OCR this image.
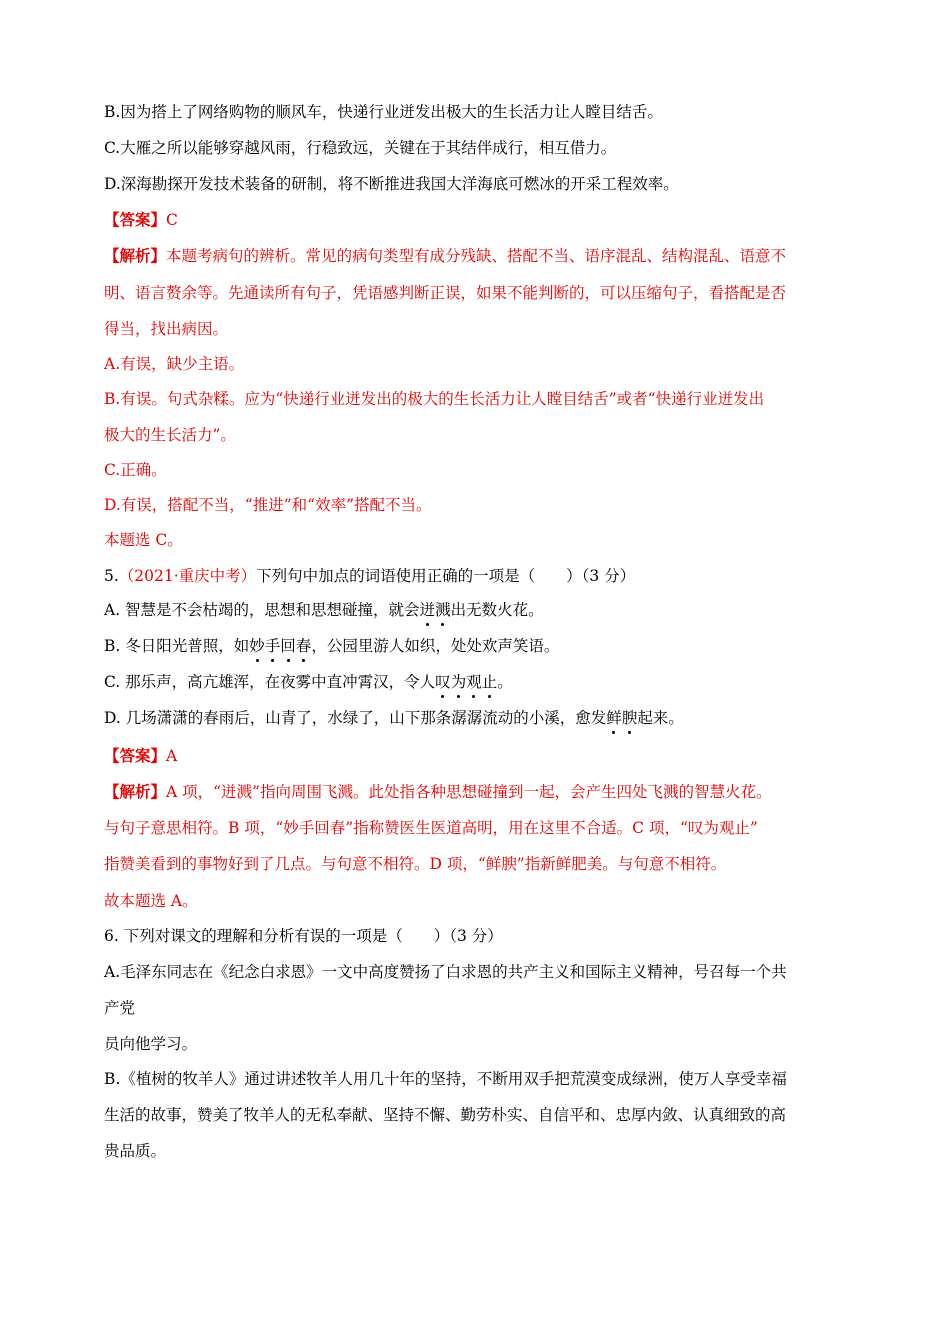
B.因为搭上了网络购物的顺风车，快递行业迸发出极大的生长活力让人瞠目结舌。
C.大雁之所以能够穿越风雨，行稳致远，关键在于其结伴成行，相互借力。
D.深海勘探开发技术装备的研制，将不断推进我国大洋海底可燃冰的开采工程效率。
【答案】C
【解析】本题考病句的辨析。常见的病句类型有成分残缺、搭配不当、语序混乱、结构混乱、语意不
明、语言赘余等。先通读所有句子，凭语感判断正误，如果不能判断的，可以压缩句子，看搭配是否
得当，找出病因。
A.有误，缺少主语。
B.有误。句式杂糅。应为“快递行业迸发出的极大的生长活力让人瞠目结舌”或者“快递行业迸发出
极大的生长活力”。
C.正确。
D.有误，搭配不当，“推进”和“效率”搭配不当。
本题选 C。
5.（2021·重庆中考）下列句中加点的词语使用正确的一项是（　　）（3 分）
A. 智慧是不会枯竭的，思想和思想碰撞，就会迸溅出无数火花。
B. 冬日阳光普照，如妙手回春，公园里游人如织，处处欢声笑语。
C. 那乐声，高亢雄浑，在夜雾中直冲霄汉，令人叹为观止。
D. 几场潇潇的春雨后，山青了，水绿了，山下那条潺潺流动的小溪，愈发鲜腴起来。
【答案】A
【解析】A 项，“迸溅”指向周围飞溅。此处指各种思想碰撞到一起，会产生四处飞溅的智慧火花。
与句子意思相符。B 项，“妙手回春”指称赞医生医道高明，用在这里不合适。C 项，“叹为观止”
指赞美看到的事物好到了几点。与句意不相符。D 项，“鲜腴”指新鲜肥美。与句意不相符。
故本题选 A。
6. 下列对课文的理解和分析有误的一项是（　　）（3 分）
A.毛泽东同志在《纪念白求恩》一文中高度赞扬了白求恩的共产主义和国际主义精神，号召每一个共
产党
员向他学习。
B.《植树的牧羊人》通过讲述牧羊人用几十年的坚持，不断用双手把荒漠变成绿洲，使万人享受幸福
生活的故事，赞美了牧羊人的无私奉献、坚持不懈、勤劳朴实、自信平和、忠厚内敛、认真细致的高
贵品质。
